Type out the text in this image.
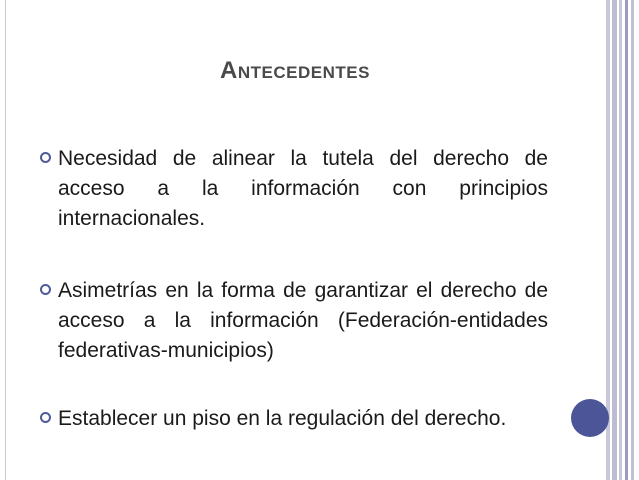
Antecedentes
Necesidad de alinear la tutela del derecho de acceso a la información con principios internacionales.
Asimetrías en la forma de garantizar el derecho de acceso a la información (Federación-entidades federativas-municipios)
Establecer un piso en la regulación del derecho.
